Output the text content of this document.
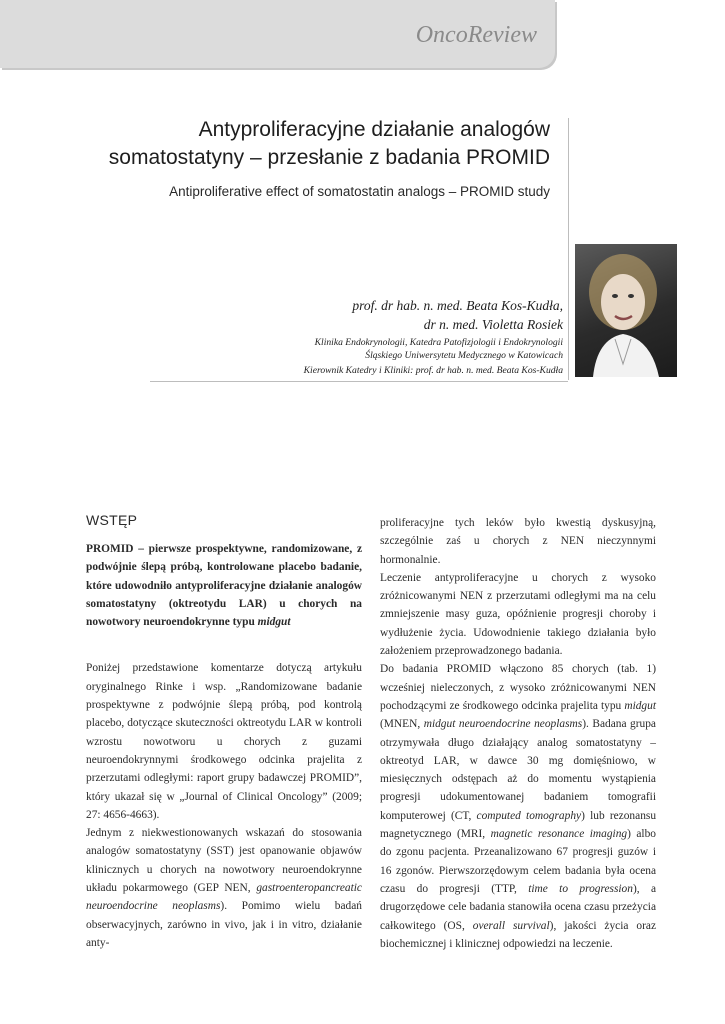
OncoReview
Antyproliferacyjne działanie analogów
somatostatyny – przesłanie z badania PROMID
Antiproliferative effect of somatostatin analogs – PROMID study
prof. dr hab. n. med. Beata Kos-Kudła,
dr n. med. Violetta Rosiek
Klinika Endokrynologii, Katedra Patofizjologii i Endokrynologii
Śląskiego Uniwersytetu Medycznego w Katowicach
Kierownik Katedry i Kliniki: prof. dr hab. n. med. Beata Kos-Kudła
WSTĘP

PROMID – pierwsze prospektywne, randomizowane, z podwójnie ślepą próbą, kontrolowane placebo badanie, które udowodniło antyproliferacyjne działanie analogów somatostatyny (oktreotydu LAR) u chorych na nowotwory neuroendokrynne typu midgut

Poniżej przedstawione komentarze dotyczą artykułu oryginalnego Rinke i wsp. „Randomizowane badanie prospektywne z podwójnie ślepą próbą, pod kontrolą placebo, dotyczące skuteczności oktreotydu LAR w kontroli wzrostu nowotworu u chorych z guzami neuroendokrynnymi środkowego odcinka prajelita z przerzutami odległymi: raport grupy badawczej PROMID”, który ukazał się w „Journal of Clinical Oncology” (2009; 27: 4656-4663).

Jednym z niekwestionowanych wskazań do stosowania analogów somatostatyny (SST) jest opanowanie objawów klinicznych u chorych na nowotwory neuroendokrynne układu pokarmowego (GEP NEN, gastroenteropancreatic neuroendocrine neoplasms). Pomimo wielu badań obserwacyjnych, zarówno in vivo, jak i in vitro, działanie anty-

proliferacyjne tych leków było kwestią dyskusyjną, szczególnie zaś u chorych z NEN nieczynnymi hormonalnie.

Leczenie antyproliferacyjne u chorych z wysoko zróżnicowanymi NEN z przerzutami odległymi ma na celu zmniejszenie masy guza, opóźnienie progresji choroby i wydłużenie życia. Udowodnienie takiego działania było założeniem przeprowadzonego badania.

Do badania PROMID włączono 85 chorych (tab. 1) wcześniej nieleczonych, z wysoko zróżnicowanymi NEN pochodzącymi ze środkowego odcinka prajelita typu midgut (MNEN, midgut neuroendocrine neoplasms). Badana grupa otrzymywała długo działający analog somatostatyny – oktreotyd LAR, w dawce 30 mg domięśniowo, w miesięcznych odstępach aż do momentu wystąpienia progresji udokumentowanej badaniem tomografii komputerowej (CT, computed tomography) lub rezonansu magnetycznego (MRI, magnetic resonance imaging) albo do zgonu pacjenta. Przeanalizowano 67 progresji guzów i 16 zgonów. Pierwszorzędowym celem badania była ocena czasu do progresji (TTP, time to progression), a drugorzędowe cele badania stanowiła ocena czasu przeżycia całkowitego (OS, overall survival), jakości życia oraz biochemicznej i klinicznej odpowiedzi na leczenie.
